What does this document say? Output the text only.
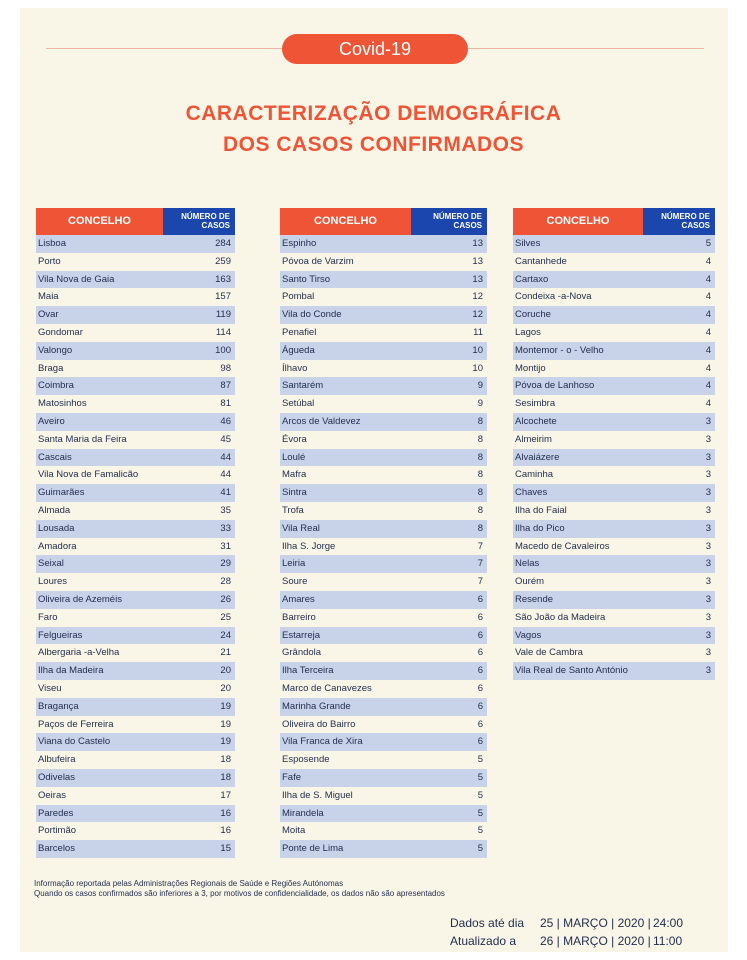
Covid-19
CARACTERIZAÇÃO DEMOGRÁFICA
DOS CASOS CONFIRMADOS
CONCELHO	NÚMERO DE
CASOS
Lisboa	284
Porto	259
Vila Nova de Gaia	163
Maia	157
Ovar	119
Gondomar	114
Valongo	100
Braga	98
Coimbra	87
Matosinhos	81
Aveiro	46
Santa Maria da Feira	45
Cascais	44
Vila Nova de Famalicão	44
Guimarães	41
Almada	35
Lousada	33
Amadora	31
Seixal	29
Loures	28
Oliveira de Azeméis	26
Faro	25
Felgueiras	24
Albergaria -a-Velha	21
Ilha da Madeira	20
Viseu	20
Bragança	19
Paços de Ferreira	19
Viana do Castelo	19
Albufeira	18
Odivelas	18
Oeiras	17
Paredes	16
Portimão	16
Barcelos	15
CONCELHO	NÚMERO DE
CASOS
Espinho	13
Póvoa de Varzim	13
Santo Tirso	13
Pombal	12
Vila do Conde	12
Penafiel	11
Águeda	10
Ílhavo	10
Santarém	9
Setúbal	9
Arcos de Valdevez	8
Évora	8
Loulé	8
Mafra	8
Sintra	8
Trofa	8
Vila Real	8
Ilha S. Jorge	7
Leiria	7
Soure	7
Amares	6
Barreiro	6
Estarreja	6
Grândola	6
Ilha Terceira	6
Marco de Canavezes	6
Marinha Grande	6
Oliveira do Bairro	6
Vila Franca de Xira	6
Esposende	5
Fafe	5
Ilha de S. Miguel	5
Mirandela	5
Moita	5
Ponte de Lima	5
CONCELHO	NÚMERO DE
CASOS
Silves	5
Cantanhede	4
Cartaxo	4
Condeixa -a-Nova	4
Coruche	4
Lagos	4
Montemor - o - Velho	4
Montijo	4
Póvoa de Lanhoso	4
Sesimbra	4
Alcochete	3
Almeirim	3
Alvaiázere	3
Caminha	3
Chaves	3
Ilha do Faial	3
Ilha do Pico	3
Macedo de Cavaleiros	3
Nelas	3
Ourém	3
Resende	3
São João da Madeira	3
Vagos	3
Vale de Cambra	3
Vila Real de Santo António	3
Informação reportada pelas Administrações Regionais de Saúde e Regiões Autónomas
Quando os casos confirmados são inferiores a 3, por motivos de confidencialidade, os dados não são apresentados
Dados até dia 25 | MARÇO | 2020 | 24:00
Atualizado a 26 | MARÇO | 2020 | 11:00
